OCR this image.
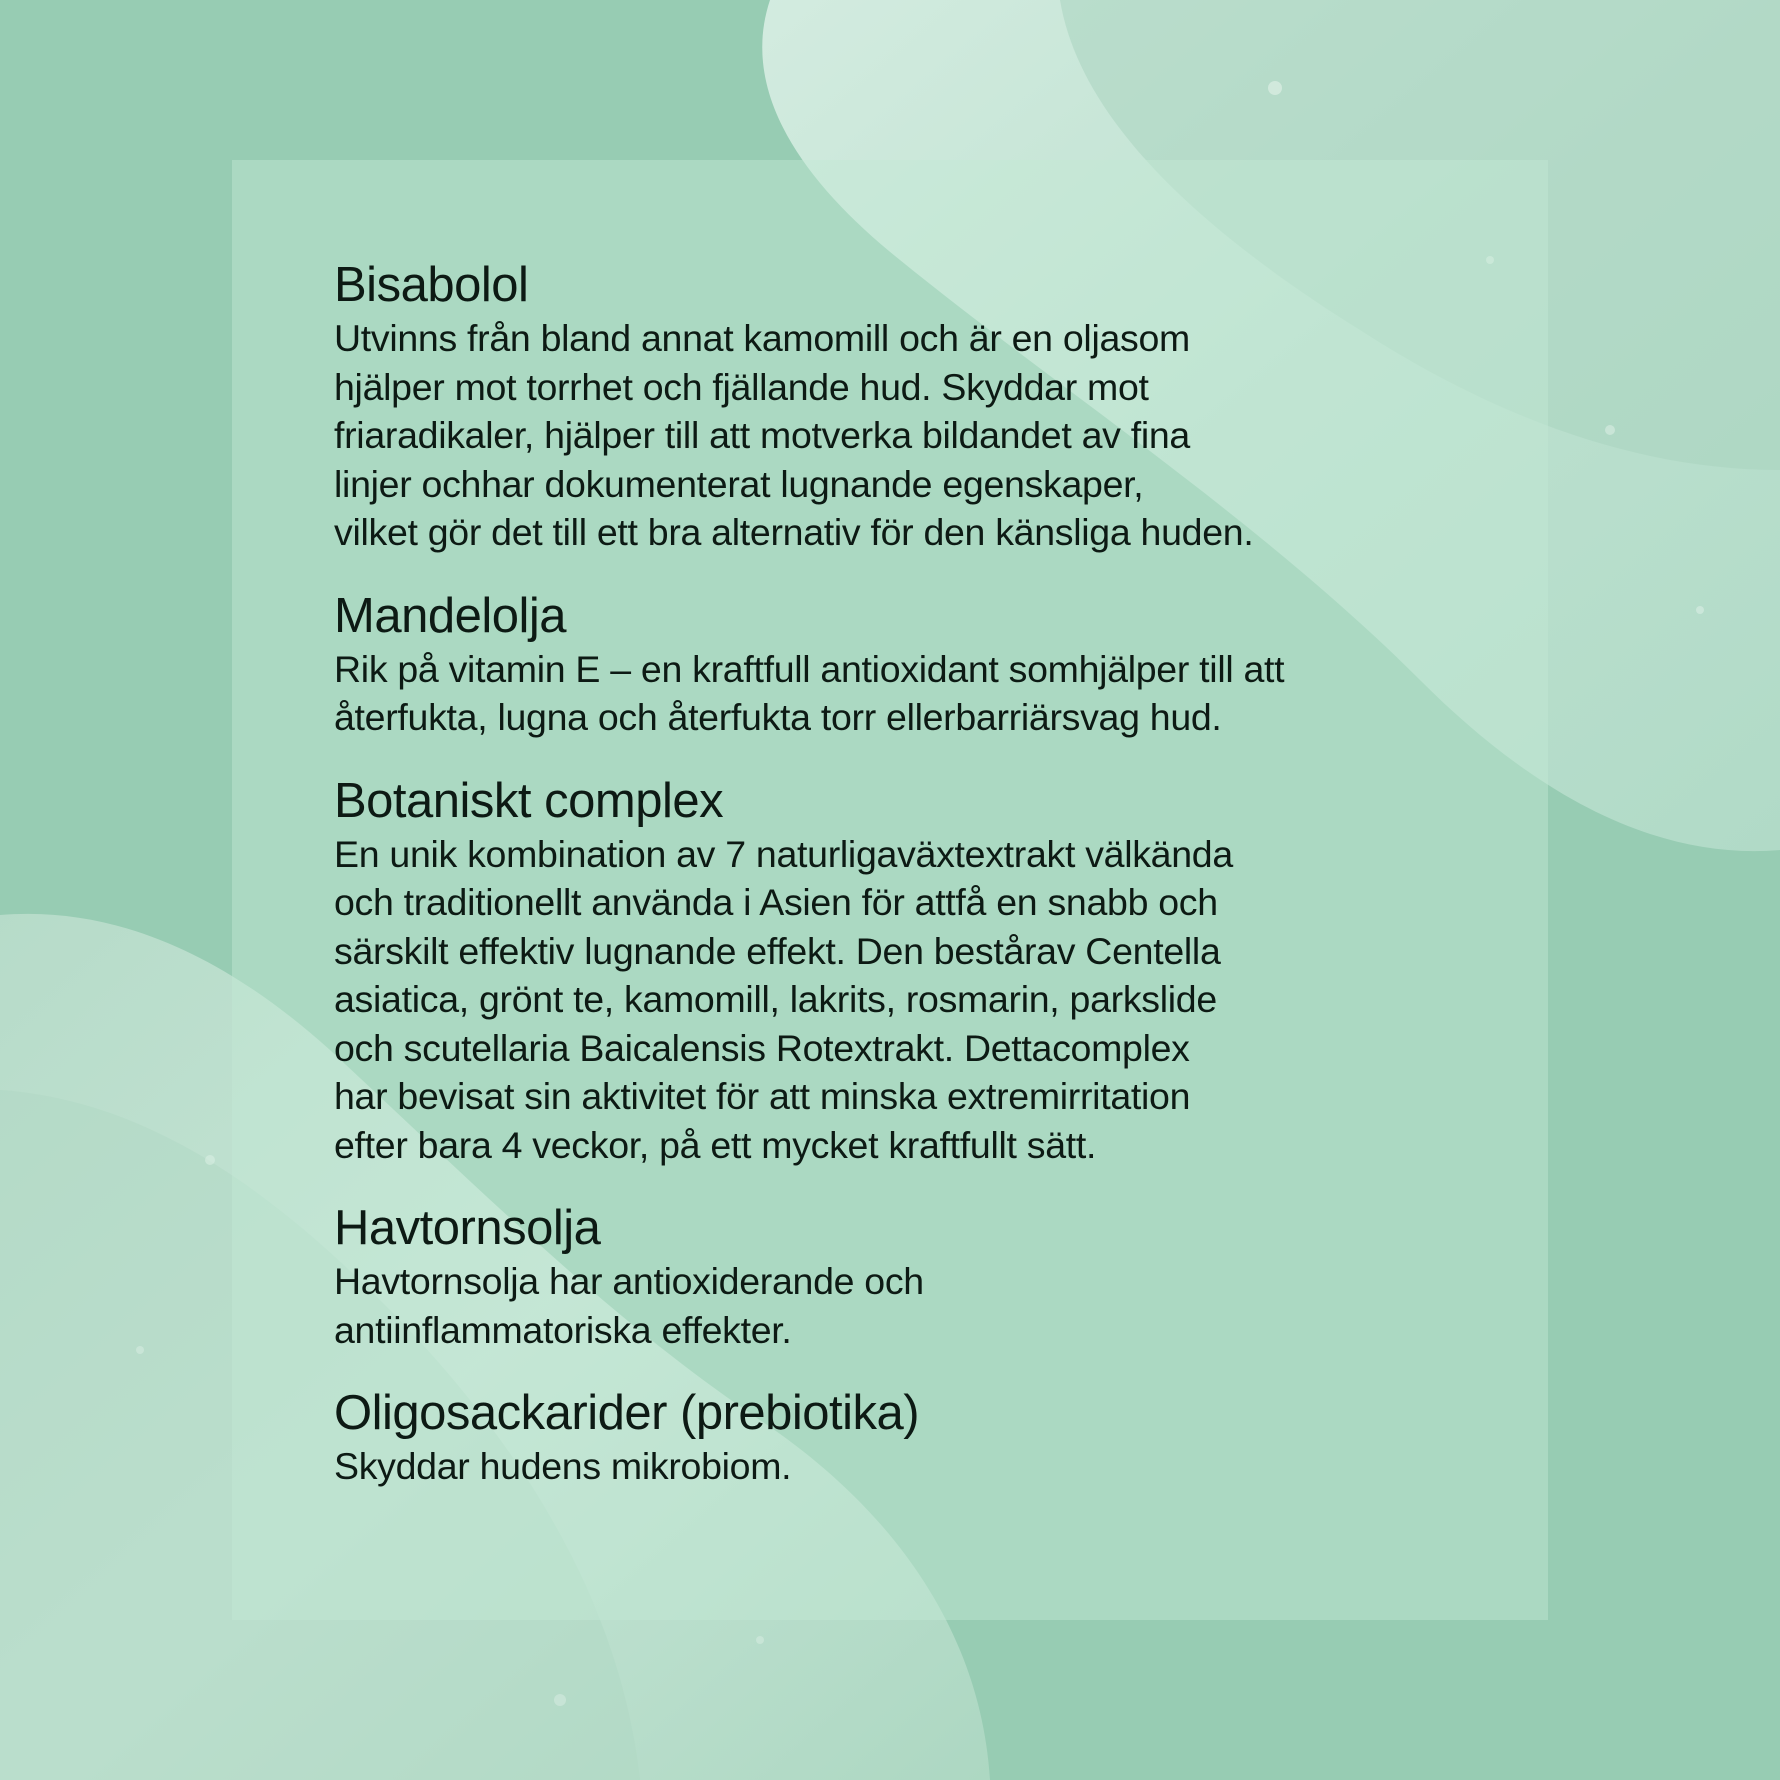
Bisabolol

Utvinns från bland annat kamomill och är en oljasom
hjälper mot torrhet och fjällande hud. Skyddar mot
friaradikaler, hjälper till att motverka bildandet av fina
linjer ochhar dokumenterat lugnande egenskaper,
vilket gör det till ett bra alternativ för den känsliga huden.

Mandelolja

Rik på vitamin E – en kraftfull antioxidant somhjälper till att
återfukta, lugna och återfukta torr ellerbarriärsvag hud.

Botaniskt complex

En unik kombination av 7 naturligaväxtextrakt välkända
och traditionellt använda i Asien för attfå en snabb och
särskilt effektiv lugnande effekt. Den bestårav Centella
asiatica, grönt te, kamomill, lakrits, rosmarin, parkslide
och scutellaria Baicalensis Rotextrakt. Dettacomplex
har bevisat sin aktivitet för att minska extremirritation
efter bara 4 veckor, på ett mycket kraftfullt sätt.

Havtornsolja

Havtornsolja har antioxiderande och
antiinflammatoriska effekter.

Oligosackarider (prebiotika)

Skyddar hudens mikrobiom.
